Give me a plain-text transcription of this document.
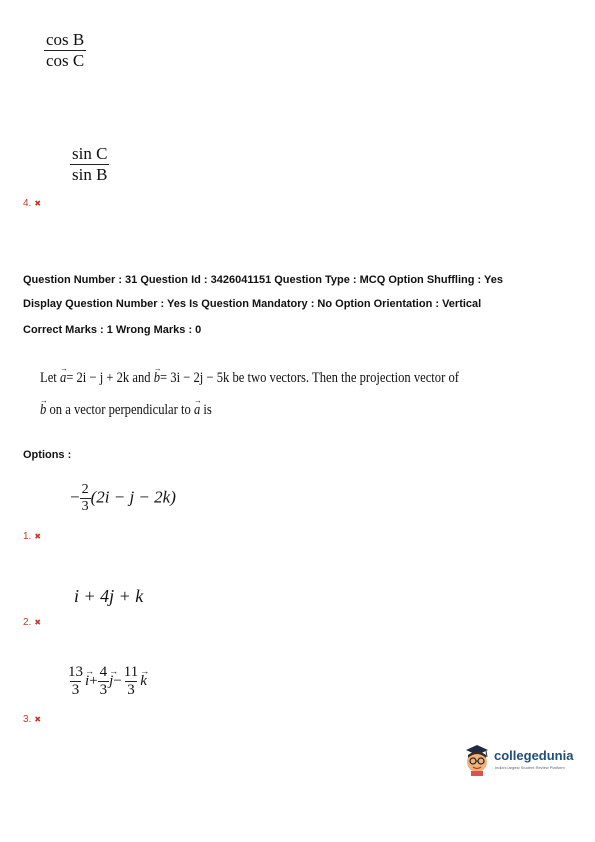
$\frac{\text{cos B}}{\text{cos C}}$
$\frac{\text{sin C}}{\text{sin B}}$
4. ✖
Question Number : 31 Question Id : 3426041151 Question Type : MCQ Option Shuffling : Yes
Display Question Number : Yes Is Question Mandatory : No Option Orientation : Vertical
Correct Marks : 1 Wrong Marks : 0
Let → a= 2i − j + 2k and → b= 3i − 2j − 5k be two vectors. Then the projection vector of
→ b on a vector perpendicular to → a is
Options :
− $\frac{2}{3} (2i - j - 2k)$
1. ✖
i + 4j + k
2. ✖
$\frac{13}{3}$
→ $i+ \frac{4}{3}$
→ $j- \frac{11}{3}$
→ k
3. ✖
collegedunia
India's largest Student Review Platform
